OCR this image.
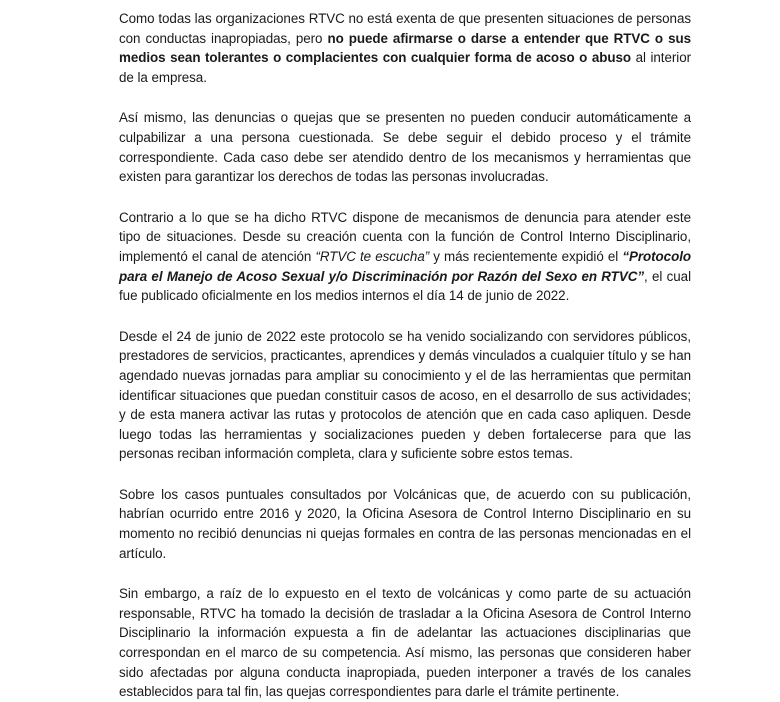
Como todas las organizaciones RTVC no está exenta de que presenten situaciones de personas con conductas inapropiadas, pero no puede afirmarse o darse a entender que RTVC o sus medios sean tolerantes o complacientes con cualquier forma de acoso o abuso al interior de la empresa.

Así mismo, las denuncias o quejas que se presenten no pueden conducir automáticamente a culpabilizar a una persona cuestionada. Se debe seguir el debido proceso y el trámite correspondiente. Cada caso debe ser atendido dentro de los mecanismos y herramientas que existen para garantizar los derechos de todas las personas involucradas.

Contrario a lo que se ha dicho RTVC dispone de mecanismos de denuncia para atender este tipo de situaciones. Desde su creación cuenta con la función de Control Interno Disciplinario, implementó el canal de atención “RTVC te escucha” y más recientemente expidió el “Protocolo para el Manejo de Acoso Sexual y/o Discriminación por Razón del Sexo en RTVC”, el cual fue publicado oficialmente en los medios internos el día 14 de junio de 2022.

Desde el 24 de junio de 2022 este protocolo se ha venido socializando con servidores públicos, prestadores de servicios, practicantes, aprendices y demás vinculados a cualquier título y se han agendado nuevas jornadas para ampliar su conocimiento y el de las herramientas que permitan identificar situaciones que puedan constituir casos de acoso, en el desarrollo de sus actividades; y de esta manera activar las rutas y protocolos de atención que en cada caso apliquen. Desde luego todas las herramientas y socializaciones pueden y deben fortalecerse para que las personas reciban información completa, clara y suficiente sobre estos temas.

Sobre los casos puntuales consultados por Volcánicas que, de acuerdo con su publicación, habrían ocurrido entre 2016 y 2020, la Oficina Asesora de Control Interno Disciplinario en su momento no recibió denuncias ni quejas formales en contra de las personas mencionadas en el artículo.

Sin embargo, a raíz de lo expuesto en el texto de volcánicas y como parte de su actuación responsable, RTVC ha tomado la decisión de trasladar a la Oficina Asesora de Control Interno Disciplinario la información expuesta a fin de adelantar las actuaciones disciplinarias que correspondan en el marco de su competencia. Así mismo, las personas que consideren haber sido afectadas por alguna conducta inapropiada, pueden interponer a través de los canales establecidos para tal fin, las quejas correspondientes para darle el trámite pertinente.
